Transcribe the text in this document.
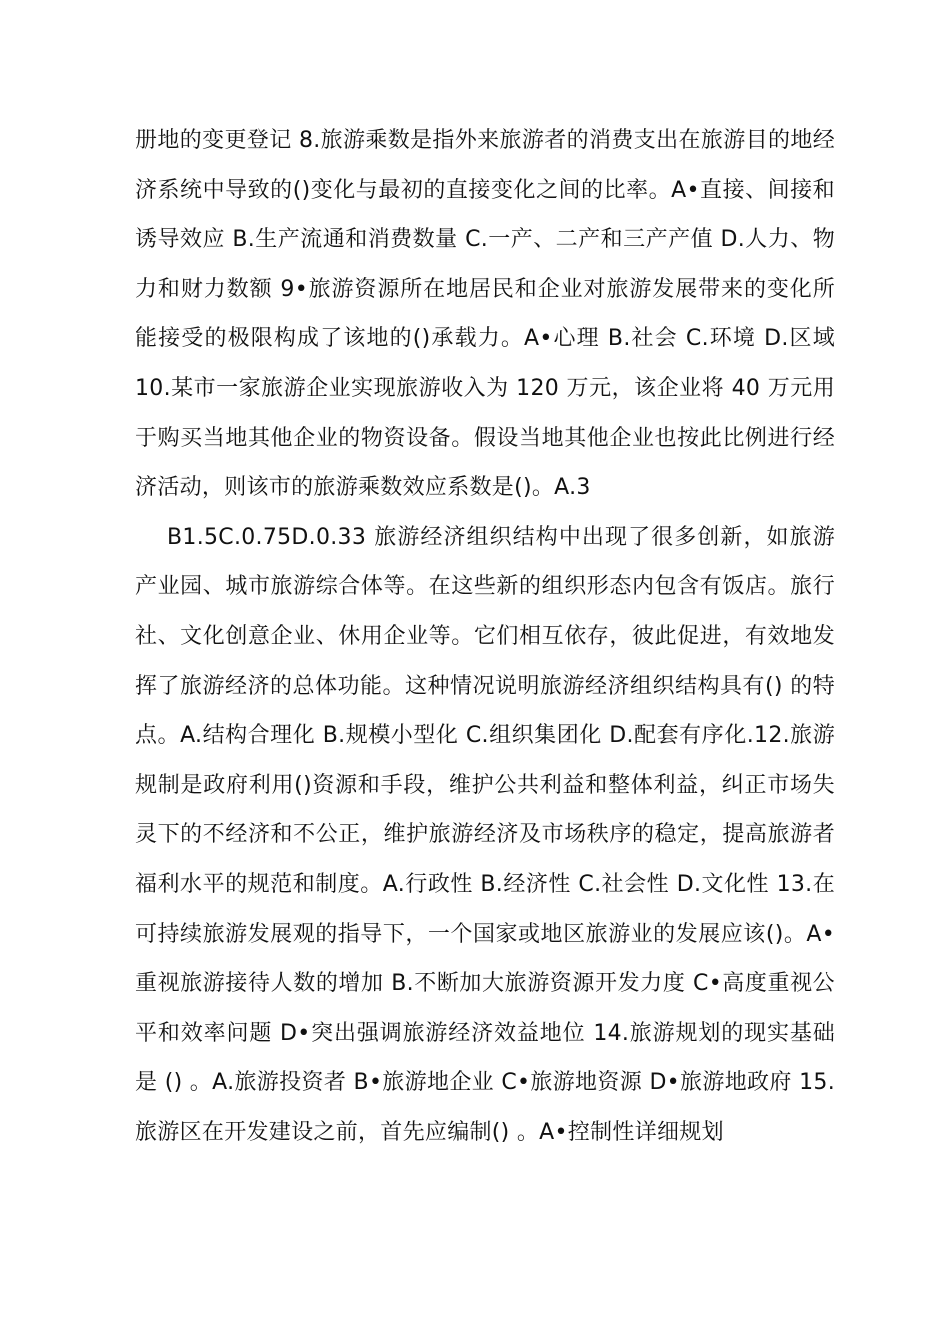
册地的变更登记 8.旅游乘数是指外来旅游者的消费支出在旅游目的地经济系统中导致的()变化与最初的直接变化之间的比率。A•直接、间接和诱导效应 B.生产流通和消费数量 C.一产、二产和三产产值 D.人力、物力和财力数额 9•旅游资源所在地居民和企业对旅游发展带来的变化所能接受的极限构成了该地的()承载力。A•心理 B.社会 C.环境 D.区域 10.某市一家旅游企业实现旅游收入为 120 万元，该企业将 40 万元用于购买当地其他企业的物资设备。假设当地其他企业也按此比例进行经济活动，则该市的旅游乘数效应系数是()。A.3

B1.5C.0.75D.0.33 旅游经济组织结构中出现了很多创新，如旅游产业园、城市旅游综合体等。在这些新的组织形态内包含有饭店。旅行社、文化创意企业、休用企业等。它们相互依存，彼此促进，有效地发挥了旅游经济的总体功能。这种情况说明旅游经济组织结构具有() 的特点。A.结构合理化 B.规模小型化 C.组织集团化 D.配套有序化.12.旅游规制是政府利用()资源和手段，维护公共利益和整体利益，纠正市场失灵下的不经济和不公正，维护旅游经济及市场秩序的稳定，提高旅游者福利水平的规范和制度。A.行政性 B.经济性 C.社会性 D.文化性 13.在可持续旅游发展观的指导下，一个国家或地区旅游业的发展应该()。A•重视旅游接待人数的增加 B.不断加大旅游资源开发力度 C•高度重视公平和效率问题 D•突出强调旅游经济效益地位 14.旅游规划的现实基础是 () 。A.旅游投资者 B•旅游地企业 C•旅游地资源 D•旅游地政府 15.旅游区在开发建设之前，首先应编制() 。A•控制性详细规划
